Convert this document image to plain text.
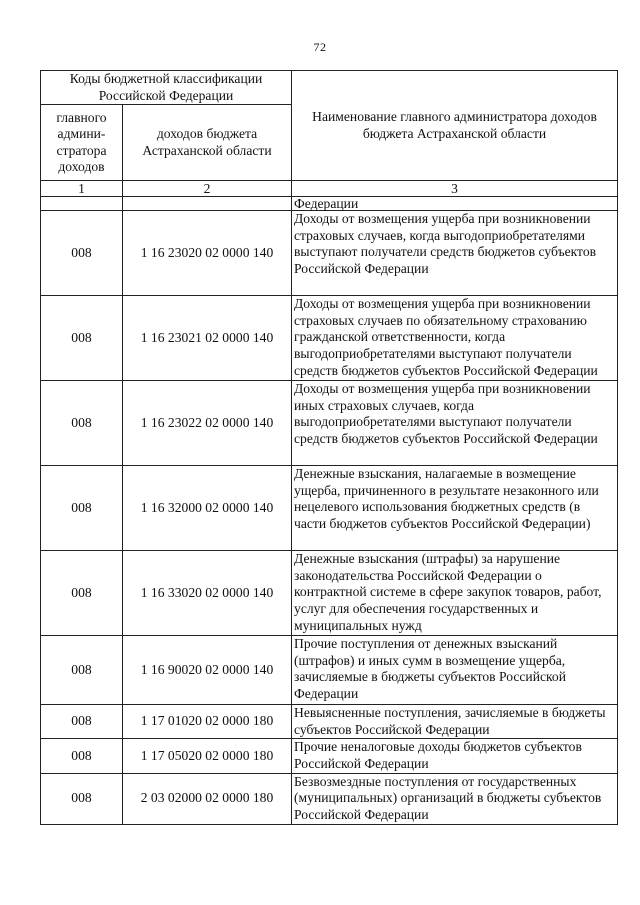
72
Коды бюджетной классификации Российской Федерации		Наименование главного администратора доходов бюджета Астраханской области
главного админи-стратора доходов	доходов бюджета Астраханской области	
1	2	3
		Федерации
008	1 16 23020 02 0000 140	Доходы от возмещения ущерба при возникновении страховых случаев, когда выгодоприобретателями выступают получатели средств бюджетов субъектов Российской Федерации
008	1 16 23021 02 0000 140	Доходы от возмещения ущерба при возникновении страховых случаев по обязательному страхованию гражданской ответственности, когда выгодоприобретателями выступают получатели средств бюджетов субъектов Российской Федерации
008	1 16 23022 02 0000 140	Доходы от возмещения ущерба при возникновении иных страховых случаев, когда выгодоприобретателями выступают получатели средств бюджетов субъектов Российской Федерации
008	1 16 32000 02 0000 140	Денежные взыскания, налагаемые в возмещение ущерба, причиненного в результате незаконного или нецелевого использования бюджетных средств (в части бюджетов субъектов Российской Федерации)
008	1 16 33020 02 0000 140	Денежные взыскания (штрафы) за нарушение законодательства Российской Федерации о контрактной системе в сфере закупок товаров, работ, услуг для обеспечения государственных и муниципальных нужд
008	1 16 90020 02 0000 140	Прочие поступления от денежных взысканий (штрафов) и иных сумм в возмещение ущерба, зачисляемые в бюджеты субъектов Российской Федерации
008	1 17 01020 02 0000 180	Невыясненные поступления, зачисляемые в бюджеты субъектов Российской Федерации
008	1 17 05020 02 0000 180	Прочие неналоговые доходы бюджетов субъектов Российской Федерации
008	2 03 02000 02 0000 180	Безвозмездные поступления от государственных (муниципальных) организаций в бюджеты субъектов Российской Федерации
